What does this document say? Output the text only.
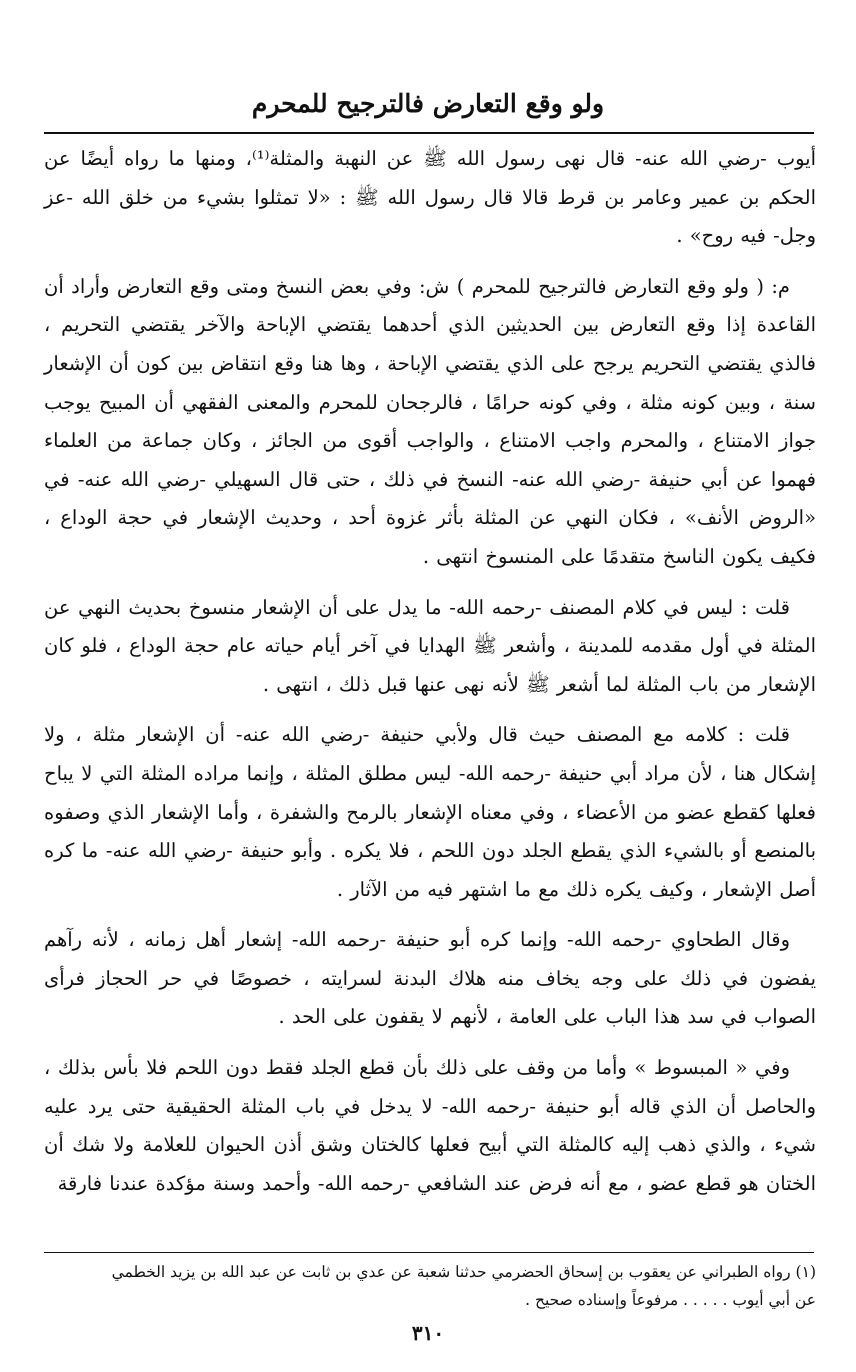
ولو وقع التعارض فالترجيح للمحرم

أيوب -رضي الله عنه- قال نهى رسول الله ﷺ عن النهبة والمثلة⁽¹⁾، ومنها ما رواه أيضًا عن الحكم بن عمير وعامر بن قرط قالا قال رسول الله ﷺ : «لا تمثلوا بشيء من خلق الله -عز وجل- فيه روح» .

م: ( ولو وقع التعارض فالترجيح للمحرم ) ش: وفي بعض النسخ ومتى وقع التعارض وأراد أن القاعدة إذا وقع التعارض بين الحديثين الذي أحدهما يقتضي الإباحة والآخر يقتضي التحريم ، فالذي يقتضي التحريم يرجح على الذي يقتضي الإباحة ، وها هنا وقع انتقاض بين كون أن الإشعار سنة ، وبين كونه مثلة ، وفي كونه حرامًا ، فالرجحان للمحرم والمعنى الفقهي أن المبيح يوجب جواز الامتناع ، والمحرم واجب الامتناع ، والواجب أقوى من الجائز ، وكان جماعة من العلماء فهموا عن أبي حنيفة -رضي الله عنه- النسخ في ذلك ، حتى قال السهيلي -رضي الله عنه- في «الروض الأنف» ، فكان النهي عن المثلة بأثر غزوة أحد ، وحديث الإشعار في حجة الوداع ، فكيف يكون الناسخ متقدمًا على المنسوخ انتهى .

قلت : ليس في كلام المصنف -رحمه الله- ما يدل على أن الإشعار منسوخ بحديث النهي عن المثلة في أول مقدمه للمدينة ، وأشعر ﷺ الهدايا في آخر أيام حياته عام حجة الوداع ، فلو كان الإشعار من باب المثلة لما أشعر ﷺ لأنه نهى عنها قبل ذلك ، انتهى .

قلت : كلامه مع المصنف حيث قال ولأبي حنيفة -رضي الله عنه- أن الإشعار مثلة ، ولا إشكال هنا ، لأن مراد أبي حنيفة -رحمه الله- ليس مطلق المثلة ، وإنما مراده المثلة التي لا يباح فعلها كقطع عضو من الأعضاء ، وفي معناه الإشعار بالرمح والشفرة ، وأما الإشعار الذي وصفوه بالمنصع أو بالشيء الذي يقطع الجلد دون اللحم ، فلا يكره . وأبو حنيفة -رضي الله عنه- ما كره أصل الإشعار ، وكيف يكره ذلك مع ما اشتهر فيه من الآثار .

وقال الطحاوي -رحمه الله- وإنما كره أبو حنيفة -رحمه الله- إشعار أهل زمانه ، لأنه رآهم يفضون في ذلك على وجه يخاف منه هلاك البدنة لسرايته ، خصوصًا في حر الحجاز فرأى الصواب في سد هذا الباب على العامة ، لأنهم لا يقفون على الحد .

وفي « المبسوط » وأما من وقف على ذلك بأن قطع الجلد فقط دون اللحم فلا بأس بذلك ، والحاصل أن الذي قاله أبو حنيفة -رحمه الله- لا يدخل في باب المثلة الحقيقية حتى يرد عليه شيء ، والذي ذهب إليه كالمثلة التي أبيح فعلها كالختان وشق أذن الحيوان للعلامة ولا شك أن الختان هو قطع عضو ، مع أنه فرض عند الشافعي -رحمه الله- وأحمد وسنة مؤكدة عندنا فارقة

(١) رواه الطبراني عن يعقوب بن إسحاق الحضرمي حدثنا شعبة عن عدي بن ثابت عن عبد الله بن يزيد الخطمي

عن أبي أيوب . . . . . مرفوعاً وإسناده صحيح .

٣١٠
